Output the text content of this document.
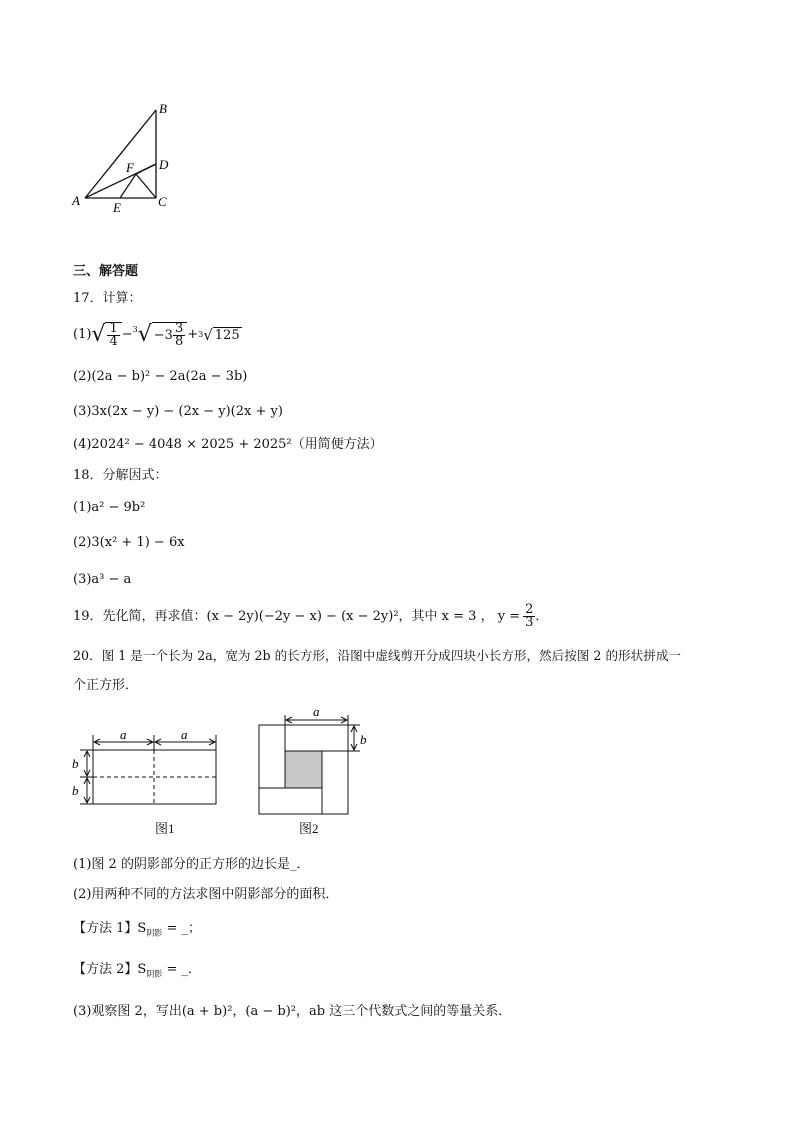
B
D
F
A	E	C
三、解答题
17．计算：
(1) √ $\frac{1}{4} - 3$ √ $-3 \frac{3}{8} + 3$ √ 125
(2)(2a − b)² − 2a(2a − 3b)
(3)3x(2x − y) − (2x − y)(2x + y)
(4)2024² − 4048 × 2025 + 2025²（用简便方法）
18．分解因式：
(1)a² − 9b²
(2)3(x² + 1) − 6x
(3)a³ − a
19．先化简，再求值：(x − 2y)(−2y − x) − (x − 2y)²，其中 x = 3 ， $y = \frac{2}{3}$ ．
20．图 1 是一个长为 2a，宽为 2b 的长方形，沿图中虚线剪开分成四块小长方形，然后按图 2 的形状拼成一
个正方形．
a	a
b
b
图1
a
b
图2
(1)图 2 的阴影部分的正方形的边长是_．
(2)用两种不同的方法求图中阴影部分的面积．
【方法 1】$S_{阴影}$ = _；
【方法 2】$S_{阴影}$ = _．
(3)观察图 2，写出(a + b)²，(a − b)²，ab 这三个代数式之间的等量关系．
